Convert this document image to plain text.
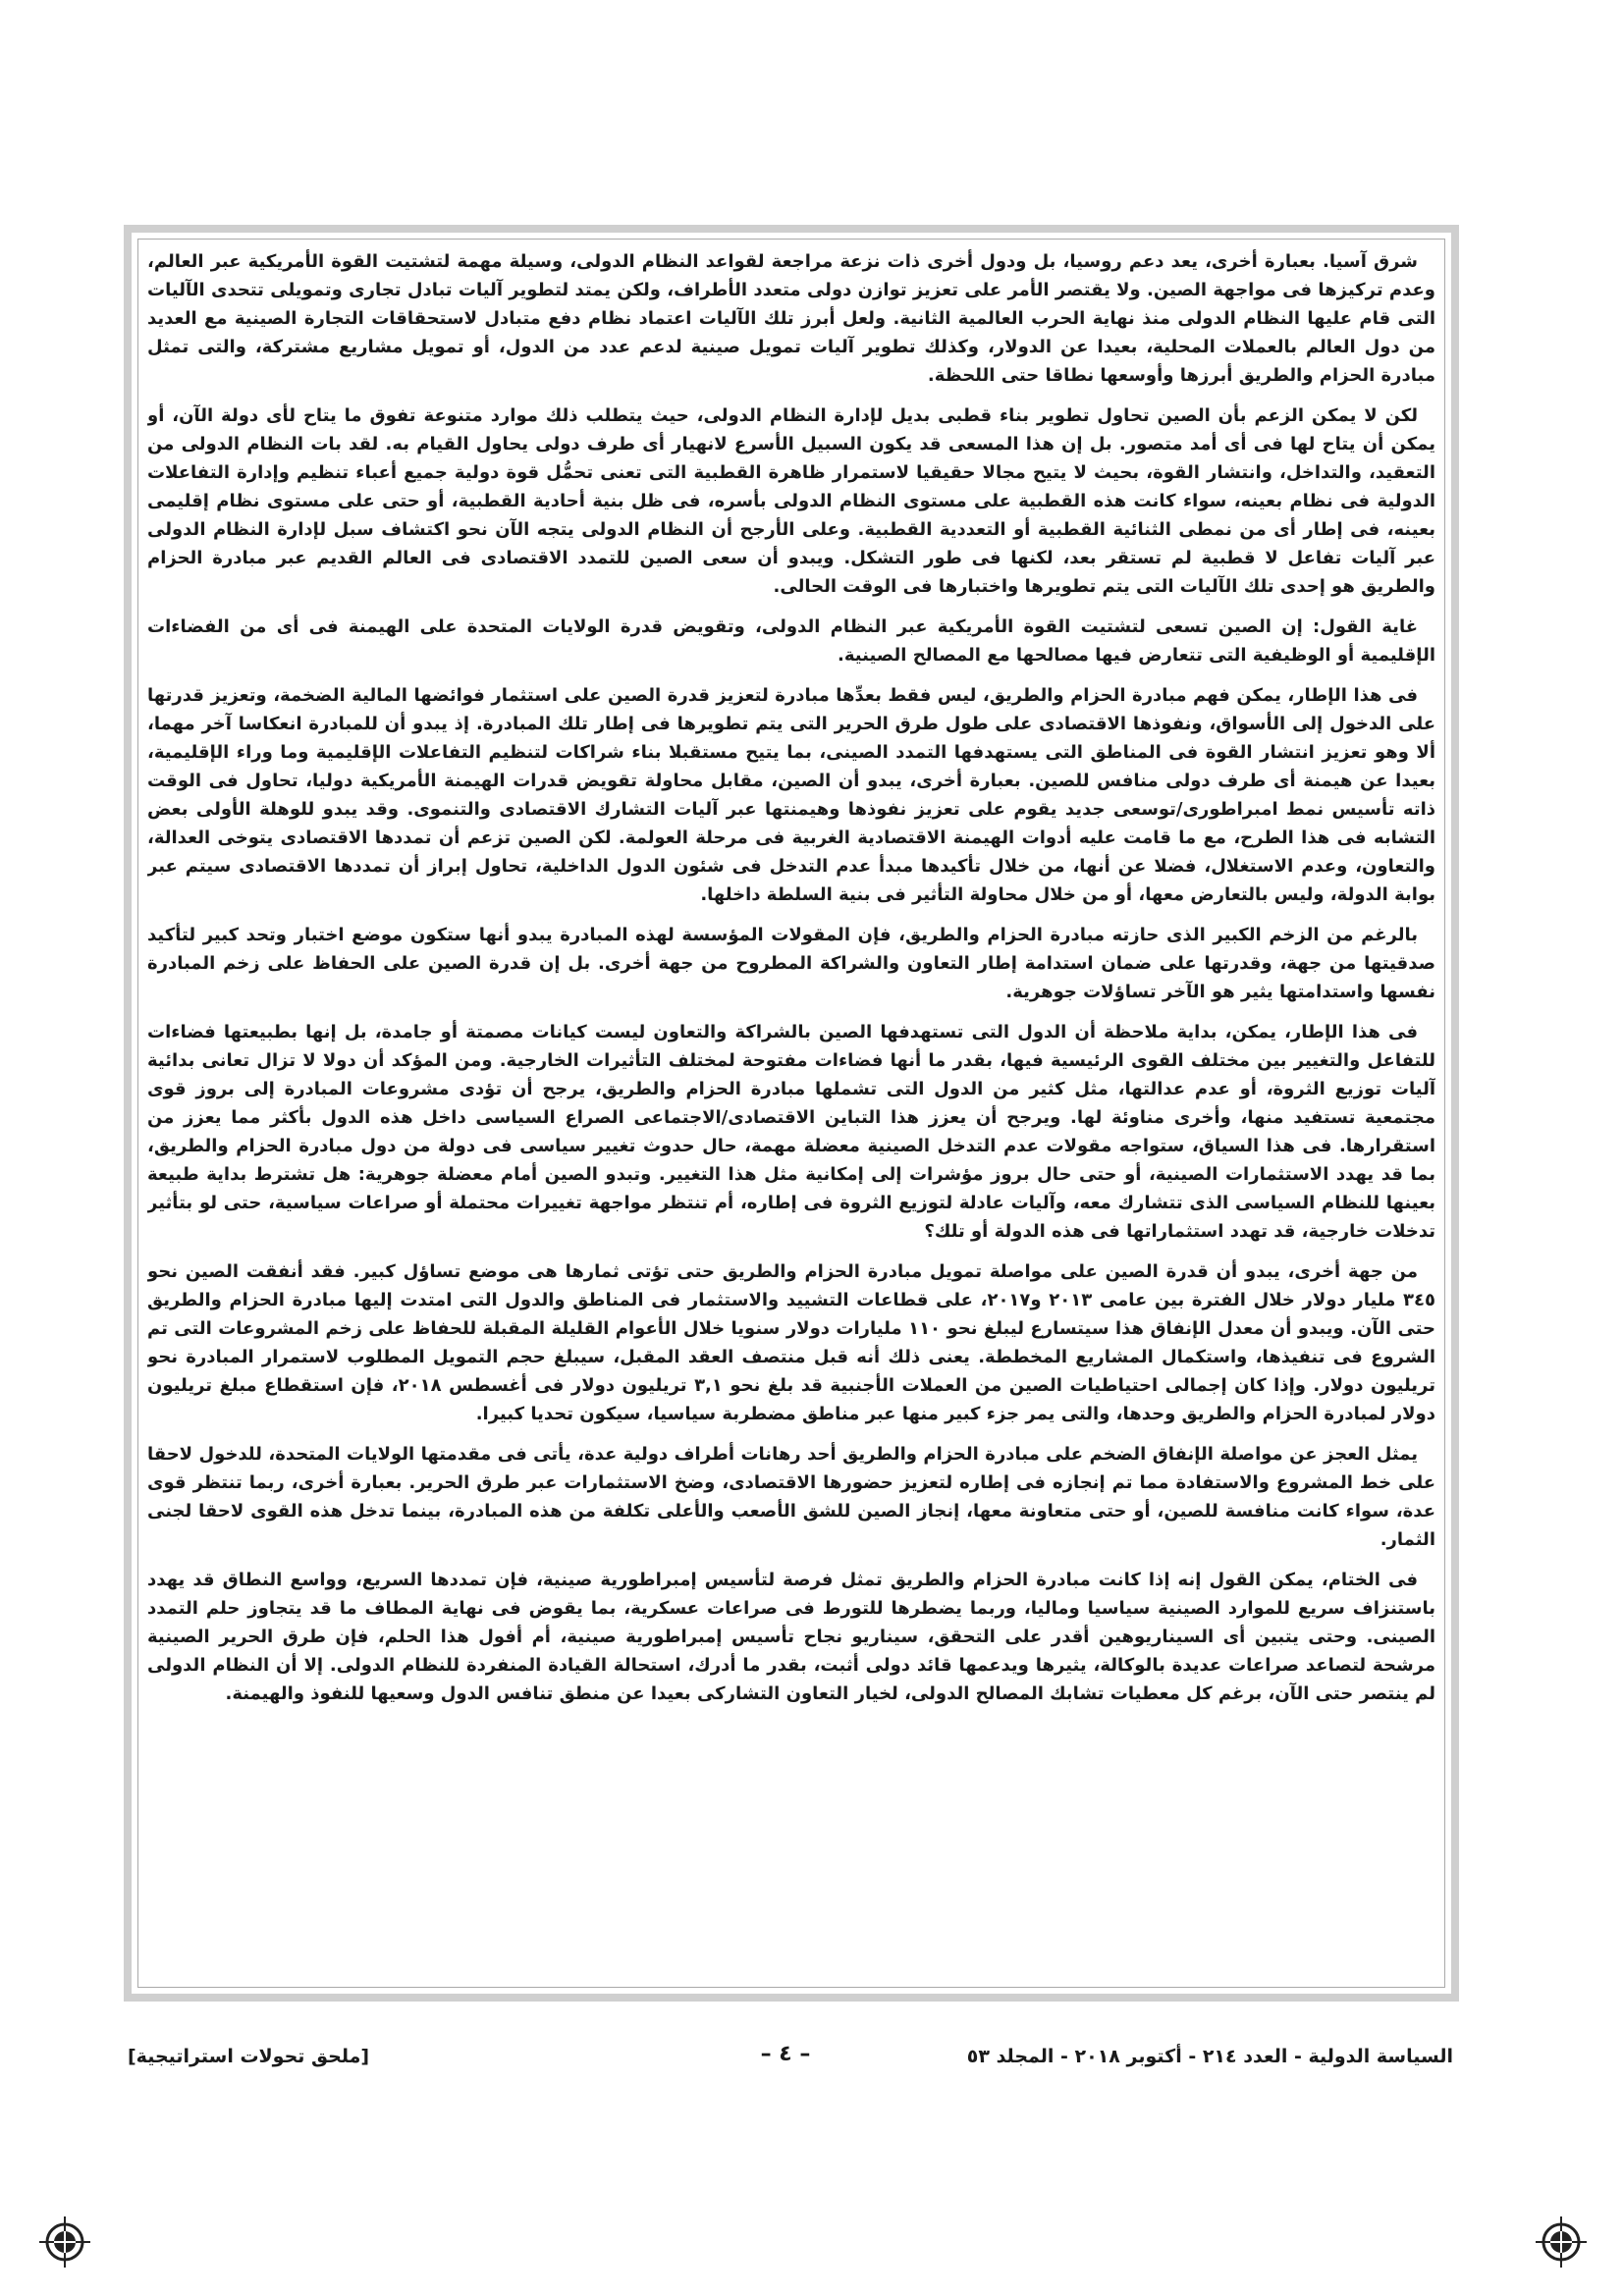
شرق آسيا. بعبارة أخرى، يعد دعم روسيا، بل ودول أخرى ذات نزعة مراجعة لقواعد النظام الدولى، وسيلة مهمة لتشتيت القوة الأمريكية عبر العالم، وعدم تركيزها فى مواجهة الصين. ولا يقتصر الأمر على تعزيز توازن دولى متعدد الأطراف، ولكن يمتد لتطوير آليات تبادل تجارى وتمويلى تتحدى الآليات التى قام عليها النظام الدولى منذ نهاية الحرب العالمية الثانية. ولعل أبرز تلك الآليات اعتماد نظام دفع متبادل لاستحقاقات التجارة الصينية مع العديد من دول العالم بالعملات المحلية، بعيدا عن الدولار، وكذلك تطوير آليات تمويل صينية لدعم عدد من الدول، أو تمويل مشاريع مشتركة، والتى تمثل مبادرة الحزام والطريق أبرزها وأوسعها نطاقا حتى اللحظة.

لكن لا يمكن الزعم بأن الصين تحاول تطوير بناء قطبى بديل لإدارة النظام الدولى، حيث يتطلب ذلك موارد متنوعة تفوق ما يتاح لأى دولة الآن، أو يمكن أن يتاح لها فى أى أمد متصور. بل إن هذا المسعى قد يكون السبيل الأسرع لانهيار أى طرف دولى يحاول القيام به. لقد بات النظام الدولى من التعقيد، والتداخل، وانتشار القوة، بحيث لا يتيح مجالا حقيقيا لاستمرار ظاهرة القطبية التى تعنى تحمُّل قوة دولية جميع أعباء تنظيم وإدارة التفاعلات الدولية فى نظام بعينه، سواء كانت هذه القطبية على مستوى النظام الدولى بأسره، فى ظل بنية أحادية القطبية، أو حتى على مستوى نظام إقليمى بعينه، فى إطار أى من نمطى الثنائية القطبية أو التعددية القطبية. وعلى الأرجح أن النظام الدولى يتجه الآن نحو اكتشاف سبل لإدارة النظام الدولى عبر آليات تفاعل لا قطبية لم تستقر بعد، لكنها فى طور التشكل. ويبدو أن سعى الصين للتمدد الاقتصادى فى العالم القديم عبر مبادرة الحزام والطريق هو إحدى تلك الآليات التى يتم تطويرها واختبارها فى الوقت الحالى.

غاية القول: إن الصين تسعى لتشتيت القوة الأمريكية عبر النظام الدولى، وتقويض قدرة الولايات المتحدة على الهيمنة فى أى من الفضاءات الإقليمية أو الوظيفية التى تتعارض فيها مصالحها مع المصالح الصينية.

فى هذا الإطار، يمكن فهم مبادرة الحزام والطريق، ليس فقط بعدِّها مبادرة لتعزيز قدرة الصين على استثمار فوائضها المالية الضخمة، وتعزيز قدرتها على الدخول إلى الأسواق، ونفوذها الاقتصادى على طول طرق الحرير التى يتم تطويرها فى إطار تلك المبادرة. إذ يبدو أن للمبادرة انعكاسا آخر مهما، ألا وهو تعزيز انتشار القوة فى المناطق التى يستهدفها التمدد الصينى، بما يتيح مستقبلا بناء شراكات لتنظيم التفاعلات الإقليمية وما وراء الإقليمية، بعيدا عن هيمنة أى طرف دولى منافس للصين. بعبارة أخرى، يبدو أن الصين، مقابل محاولة تقويض قدرات الهيمنة الأمريكية دوليا، تحاول فى الوقت ذاته تأسيس نمط امبراطورى/توسعى جديد يقوم على تعزيز نفوذها وهيمنتها عبر آليات التشارك الاقتصادى والتنموى. وقد يبدو للوهلة الأولى بعض التشابه فى هذا الطرح، مع ما قامت عليه أدوات الهيمنة الاقتصادية الغربية فى مرحلة العولمة. لكن الصين تزعم أن تمددها الاقتصادى يتوخى العدالة، والتعاون، وعدم الاستغلال، فضلا عن أنها، من خلال تأكيدها مبدأ عدم التدخل فى شئون الدول الداخلية، تحاول إبراز أن تمددها الاقتصادى سيتم عبر بوابة الدولة، وليس بالتعارض معها، أو من خلال محاولة التأثير فى بنية السلطة داخلها.

بالرغم من الزخم الكبير الذى حازته مبادرة الحزام والطريق، فإن المقولات المؤسسة لهذه المبادرة يبدو أنها ستكون موضع اختبار وتحد كبير لتأكيد صدقيتها من جهة، وقدرتها على ضمان استدامة إطار التعاون والشراكة المطروح من جهة أخرى. بل إن قدرة الصين على الحفاظ على زخم المبادرة نفسها واستدامتها يثير هو الآخر تساؤلات جوهرية.

فى هذا الإطار، يمكن، بداية ملاحظة أن الدول التى تستهدفها الصين بالشراكة والتعاون ليست كيانات مصمتة أو جامدة، بل إنها بطبيعتها فضاءات للتفاعل والتغيير بين مختلف القوى الرئيسية فيها، بقدر ما أنها فضاءات مفتوحة لمختلف التأثيرات الخارجية. ومن المؤكد أن دولا لا تزال تعانى بدائية آليات توزيع الثروة، أو عدم عدالتها، مثل كثير من الدول التى تشملها مبادرة الحزام والطريق، يرجح أن تؤدى مشروعات المبادرة إلى بروز قوى مجتمعية تستفيد منها، وأخرى مناوئة لها. ويرجح أن يعزز هذا التباين الاقتصادى/الاجتماعى الصراع السياسى داخل هذه الدول بأكثر مما يعزز من استقرارها. فى هذا السياق، ستواجه مقولات عدم التدخل الصينية معضلة مهمة، حال حدوث تغيير سياسى فى دولة من دول مبادرة الحزام والطريق، بما قد يهدد الاستثمارات الصينية، أو حتى حال بروز مؤشرات إلى إمكانية مثل هذا التغيير. وتبدو الصين أمام معضلة جوهرية: هل تشترط بداية طبيعة بعينها للنظام السياسى الذى تتشارك معه، وآليات عادلة لتوزيع الثروة فى إطاره، أم تنتظر مواجهة تغييرات محتملة أو صراعات سياسية، حتى لو بتأثير تدخلات خارجية، قد تهدد استثماراتها فى هذه الدولة أو تلك؟

من جهة أخرى، يبدو أن قدرة الصين على مواصلة تمويل مبادرة الحزام والطريق حتى تؤتى ثمارها هى موضع تساؤل كبير. فقد أنفقت الصين نحو ٣٤٥ مليار دولار خلال الفترة بين عامى ٢٠١٣ و٢٠١٧، على قطاعات التشييد والاستثمار فى المناطق والدول التى امتدت إليها مبادرة الحزام والطريق حتى الآن. ويبدو أن معدل الإنفاق هذا سيتسارع ليبلغ نحو ١١٠ مليارات دولار سنويا خلال الأعوام القليلة المقبلة للحفاظ على زخم المشروعات التى تم الشروع فى تنفيذها، واستكمال المشاريع المخططة. يعنى ذلك أنه قبل منتصف العقد المقبل، سيبلغ حجم التمويل المطلوب لاستمرار المبادرة نحو تريليون دولار. وإذا كان إجمالى احتياطيات الصين من العملات الأجنبية قد بلغ نحو ٣,١ تريليون دولار فى أغسطس ٢٠١٨، فإن استقطاع مبلغ تريليون دولار لمبادرة الحزام والطريق وحدها، والتى يمر جزء كبير منها عبر مناطق مضطربة سياسيا، سيكون تحديا كبيرا.

يمثل العجز عن مواصلة الإنفاق الضخم على مبادرة الحزام والطريق أحد رهانات أطراف دولية عدة، يأتى فى مقدمتها الولايات المتحدة، للدخول لاحقا على خط المشروع والاستفادة مما تم إنجازه فى إطاره لتعزيز حضورها الاقتصادى، وضخ الاستثمارات عبر طرق الحرير. بعبارة أخرى، ربما تنتظر قوى عدة، سواء كانت منافسة للصين، أو حتى متعاونة معها، إنجاز الصين للشق الأصعب والأعلى تكلفة من هذه المبادرة، بينما تدخل هذه القوى لاحقا لجنى الثمار.

فى الختام، يمكن القول إنه إذا كانت مبادرة الحزام والطريق تمثل فرصة لتأسيس إمبراطورية صينية، فإن تمددها السريع، وواسع النطاق قد يهدد باستنزاف سريع للموارد الصينية سياسيا وماليا، وربما يضطرها للتورط فى صراعات عسكرية، بما يقوض فى نهاية المطاف ما قد يتجاوز حلم التمدد الصينى. وحتى يتبين أى السيناريوهين أقدر على التحقق، سيناريو نجاح تأسيس إمبراطورية صينية، أم أفول هذا الحلم، فإن طرق الحرير الصينية مرشحة لتصاعد صراعات عديدة بالوكالة، يثيرها ويدعمها قائد دولى أثبت، بقدر ما أدرك، استحالة القيادة المنفردة للنظام الدولى. إلا أن النظام الدولى لم ينتصر حتى الآن، برغم كل معطيات تشابك المصالح الدولى، لخيار التعاون التشاركى بعيدا عن منطق تنافس الدول وسعيها للنفوذ والهيمنة.

السياسة الدولية - العدد ٢١٤ - أكتوبر ٢٠١٨ - المجلد ٥٣
– ٤ –
[ملحق تحولات استراتيجية]
